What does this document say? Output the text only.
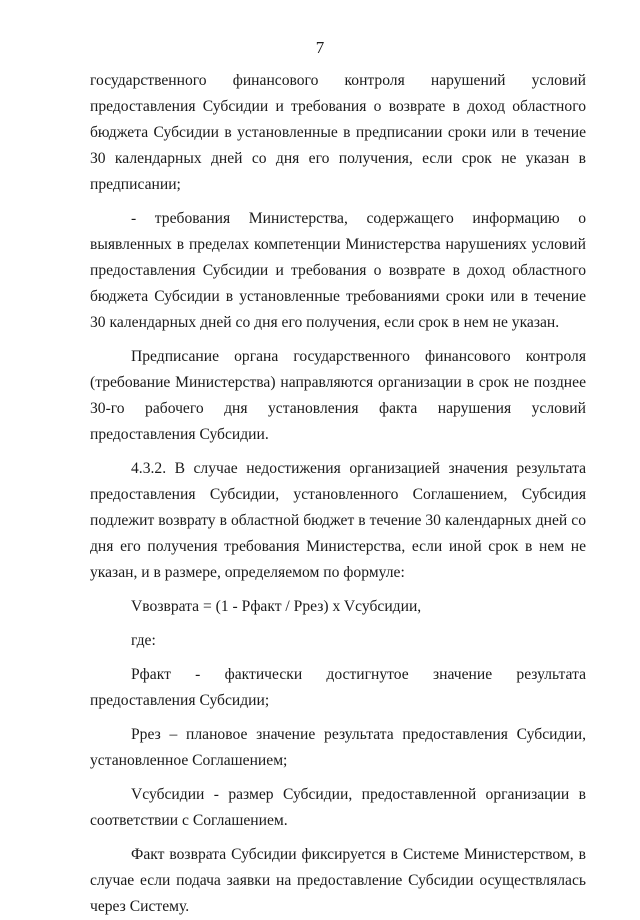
7

государственного финансового контроля нарушений условий предоставления Субсидии и требования о возврате в доход областного бюджета Субсидии в установленные в предписании сроки или в течение 30 календарных дней со дня его получения, если срок не указан в предписании;

- требования Министерства, содержащего информацию о выявленных в пределах компетенции Министерства нарушениях условий предоставления Субсидии и требования о возврате в доход областного бюджета Субсидии в установленные требованиями сроки или в течение 30 календарных дней со дня его получения, если срок в нем не указан.

Предписание органа государственного финансового контроля (требование Министерства) направляются организации в срок не позднее 30-го рабочего дня установления факта нарушения условий предоставления Субсидии.

4.3.2. В случае недостижения организацией значения результата предоставления Субсидии, установленного Соглашением, Субсидия подлежит возврату в областной бюджет в течение 30 календарных дней со дня его получения требования Министерства, если иной срок в нем не указан, и в размере, определяемом по формуле:

Vвозврата = (1 - Рфакт / Ррез) x Vсубсидии,

где:

Рфакт - фактически достигнутое значение результата предоставления Субсидии;

Ррез – плановое значение результата предоставления Субсидии, установленное Соглашением;

Vсубсидии - размер Субсидии, предоставленной организации в соответствии с Соглашением.

Факт возврата Субсидии фиксируется в Системе Министерством, в случае если подача заявки на предоставление Субсидии осуществлялась через Систему.
